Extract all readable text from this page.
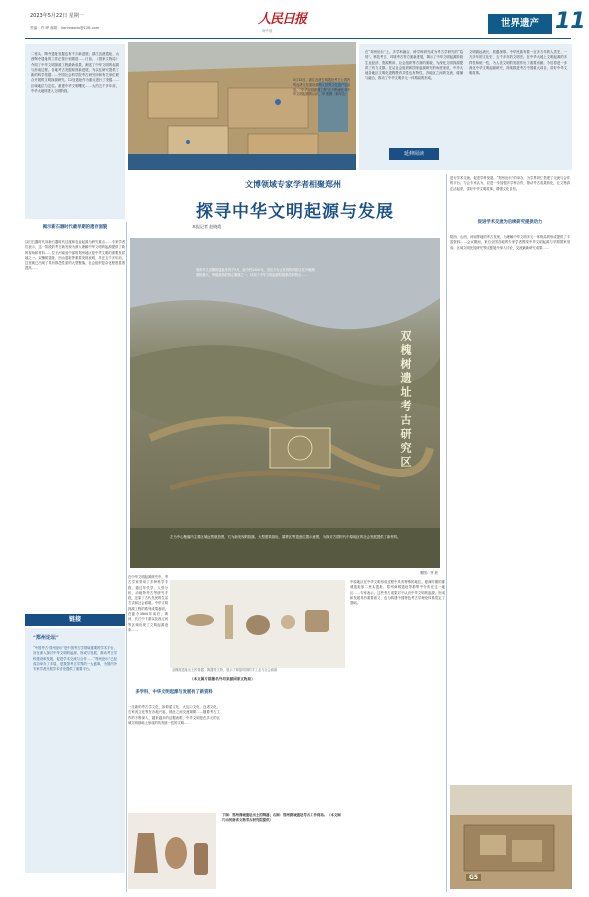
2023年5月22日 星期一
责编：许 晔 邮箱：lianmaodu@126.com
人民日报
海外版
世界遗产 11
二里头、陶寺遗址发掘也有不少新进展；浙江良渚遗址、山西陶寺遗址的工作正按计划推进……日前，《国家文物局》介绍了中华文明探源工程最新成果，阐述了中华文明的起源与形成过程。各地考古发掘取得新进展，为以往研究提供了新的科学依据……中国社会科学院考古研究所和有关单位联合开展的文明探源研究。12处遗址作为重点进行了发掘……区域地位与定位。重建中华文明曙光……大约五千多年前，中华大地即进入文明阶段。
5月13日，浙江良渚古城遗址考古公园内的良渚文化遗址被列入世界文化遗产名录后，“中华文明探源工程”正不断深化对中华文明起源的认识。李 骞摄（新华社）
在“邦州论坛”上，多学科融合、跨学科研究成为考古学研究的“趋势”。科技考古、环境考古等方面新进展，揭示了中华文明起源阶段生业经济、资源利用、社会组织等方面的面貌，为深化文明探源提供了有力支撑。在从社会组织和国家起源研究的角度来说，中华大地各地区文明化进程既有共性也有特性，各地区之间的交流、碰撞与融合，推动了中华文明多元一体格局的形成。
文明源远流长，底蕴深厚。中华民族有着一百多万年的人类史、一万多年的文化史、五千多年的文明史。在中华大地上文明起源的多样性和统一性，为人类文明的发展作出了重要贡献。今后将进一步深化中华文明起源研究，持续推进考古中国重大项目，讲好中华文明故事。
延伸阅读
文博领域专家学者相聚郑州
探寻中华文明起源与发展
本报记者 赵晓霞
揭示新石器时代最早期的遗存面貌
以旧石器时代向新石器时代过渡和农业起源为研究重点……专家学者们表示，这一阶段的考古新发现为深入理解中华文明的起源提供了新的视角和材料……位于河南省中部的郑州地区是中华文明的重要发祥地之一。双槐树遗址、西山遗址等重要发现表明，早在五千多年前，这里就已出现了具有都邑性质的大型聚落，社会组织复杂化程度显著提高……	郑州巩义双槐树遗址发现于5月，距今约5300年，是迄今为止发现的仰韶文化中晚期面积最大、等级最高的核心聚落之一，体现了中华文明起源阶段都邑的特点……
双槐树遗址考古研究区
左为中心聚落内主要区域远景航拍图，右为新发现的院落、大型建筑基址、墓葬区等遗迹位置示意图，为探讨古国时代中原地区的社会发展提供了新材料。
制图：齐 欣
进行学术交流，促进学科发展。“郑州论坛”的举办，为学界同仁搭建了交流与合作的平台。与会专家认为，应进一步加强多学科合作，推动考古成果转化，让文物真正活起来，讲好中华文明故事，增强文化自信。
促进学术交流为后续研究提供动力
陕西、山西、河南等地的考古发现，为理解中华文明多元一体格局的形成提供了丰富资料……会议期间，来自全国各地的专家学者围绕中华文明起源与早期国家形成、区域文明比较研究等议题展开深入讨论，交流最新研究成果……
链接
“郑州论坛”
“中国考古·郑州论坛”是中国考古学领域重要的学术平台，旨在深入探讨中华文明的起源、形成与发展，推动考古学科建设和发展，促进学术交流与合作……“郑州论坛”已经成功举办了多届，是我国考古学界的一大盛事，为国内外专家学者开展学术讨论提供了重要平台。	双槐树遗址出土的骨器、陶器等文物，展示了仰韶时期的手工业与社会面貌
（本文图片除署名外均来源国家文物局）
在中华文明起源研究中，考古学家采用了多种科学手段，通过年代学、人骨分析、动植物考古等研究手段，还原了古代先民的生活方式和社会面貌。中华文明探源工程的系列成果表明，在距今5800年前后，黄河、长江中下游以及西辽河等区域出现了文明起源迹象……
中原地区在中华文明形成过程中具有特殊的地位。夏商时期的都城遗址如二里头遗址、郑州商城遗址等都集中分布在这一地区……专家表示，这些考古成果对于认识中华文明的起源、形成和发展具有重要意义，也为构建中国特色考古学理论体系奠定了基础。
多学科、中华文明起源与发展有了新资料
一支新的考古学文化，如仰韶文化、大汶口文化、良渚文化、石家河文化等在各地兴起，彼此之间交流频繁……随着考古工作的不断深入，越来越多的证据表明，中华文明是在多元的区域文明基础上形成的具有统一性的文明……
下图：郑州商城遗址出土的陶器；右图：郑州商城遗址考古工作现场。（本文图片由河南省文物考古研究院提供）
G5
